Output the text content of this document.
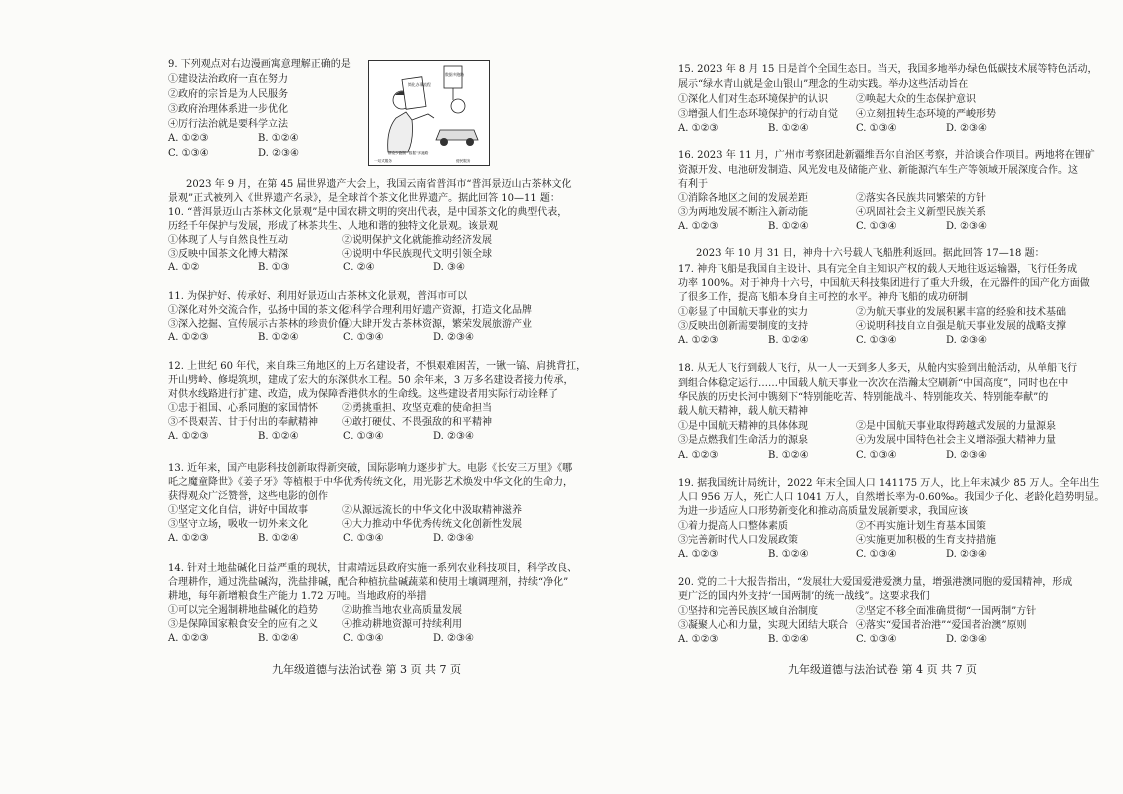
9. 下列观点对右边漫画寓意理解正确的是
①建设法治政府一直在努力
②政府的宗旨是为人民服务
③政府治理体系进一步优化
④厉行法治就是要科学立法
A. ①②③	B. ①②④
C. ①③④	D. ②③④
简化办事流程
数据多跑路
群众少跑腿 "数据"多跑路
一站式服务	便民服务
2023 年 9 月，在第 45 届世界遗产大会上，我国云南省普洱市“普洱景迈山古茶林文化
景观”正式被列入《世界遗产名录》，是全球首个茶文化世界遗产。据此回答 10—11 题：
10. “普洱景迈山古茶林文化景观”是中国农耕文明的突出代表，是中国茶文化的典型代表，
历经千年保护与发展，形成了林茶共生、人地和谐的独特文化景观。该景观
①体现了人与自然良性互动	②说明保护文化就能推动经济发展
③反映中国茶文化博大精深	④说明中华民族现代文明引领全球
A. ①②	B. ①③	C. ②④	D. ③④
11. 为保护好、传承好、利用好景迈山古茶林文化景观，普洱市可以
①深化对外交流合作，弘扬中国的茶文化
②科学合理利用好遗产资源，打造文化品牌
③深入挖掘、宣传展示古茶林的珍贵价值
④大肆开发古茶林资源，繁荣发展旅游产业
A. ①②③	B. ①②④	C. ①③④	D. ②③④
12. 上世纪 60 年代，来自珠三角地区的上万名建设者，不惧艰难困苦，一锹一镐、肩挑背扛，
开山劈岭、修堤筑坝，建成了宏大的东深供水工程。50 余年来，3 万多名建设者接力传承，
对供水线路进行扩建、改造，成为保障香港供水的生命线。这些建设者用实际行动诠释了
①忠于祖国、心系同胞的家国情怀 ②勇挑重担、攻坚克难的使命担当
③不畏艰苦、甘于付出的奉献精神 ④敢打硬仗、不畏强敌的和平精神
A. ①②③	B. ①②④	C. ①③④	D. ②③④
13. 近年来，国产电影科技创新取得新突破，国际影响力逐步扩大。电影《长安三万里》《哪
吒之魔童降世》《姜子牙》等植根于中华优秀传统文化，用光影艺术焕发中华文化的生命力，
获得观众广泛赞誉，这些电影的创作
①坚定文化自信，讲好中国故事	②从源远流长的中华文化中汲取精神滋养
③坚守立场，吸收一切外来文化	④大力推动中华优秀传统文化创新性发展
A. ①②③	B. ①②④	C. ①③④	D. ②③④
14. 针对土地盐碱化日益严重的现状，甘肃靖远县政府实施一系列农业科技项目，科学改良、
合理耕作，通过洗盐碱沟，洗盐排碱，配合种植抗盐碱蔬菜和使用土壤调理剂，持续“净化”
耕地，每年新增粮食生产能力 1.72 万吨。当地政府的举措
①可以完全遏制耕地盐碱化的趋势 ②助推当地农业高质量发展
③是保障国家粮食安全的应有之义 ④推动耕地资源可持续利用
A. ①②③	B. ①②④	C. ①③④	D. ②③④
九年级道德与法治试卷 第 3 页 共 7 页
15. 2023 年 8 月 15 日是首个全国生态日。当天，我国多地举办绿色低碳技术展等特色活动，
展示“绿水青山就是金山银山”理念的生动实践。举办这些活动旨在
①深化人们对生态环境保护的认识	②唤起大众的生态保护意识
③增强人们生态环境保护的行动自觉 ④立刻扭转生态环境的严峻形势
A. ①②③	B. ①②④	C. ①③④	D. ②③④
16. 2023 年 11 月，广州市考察团赴新疆维吾尔自治区考察，并洽谈合作项目。两地将在锂矿
资源开发、电池研发制造、风光发电及储能产业、新能源汽车生产等领域开展深度合作。这
有利于
①消除各地区之间的发展差距	②落实各民族共同繁荣的方针
③为两地发展不断注入新动能	④巩固社会主义新型民族关系
A. ①②③	B. ①②④	C. ①③④	D. ②③④
2023 年 10 月 31 日，神舟十六号载人飞船胜利返回。据此回答 17—18 题：
17. 神舟飞船是我国自主设计、具有完全自主知识产权的载人天地往返运输器，飞行任务成
功率 100%。对于神舟十六号，中国航天科技集团进行了重大升级，在元器件的国产化方面做
了很多工作，提高飞船本身自主可控的水平。神舟飞船的成功研制
①彰显了中国航天事业的实力	②为航天事业的发展积累丰富的经验和技术基础
③反映出创新需要制度的支持	④说明科技自立自强是航天事业发展的战略支撑
A. ①②③	B. ①②④	C. ①③④	D. ②③④
18. 从无人飞行到载人飞行，从一人一天到多人多天，从舱内实验到出舱活动，从单船飞行
到组合体稳定运行……中国载人航天事业一次次在浩瀚太空刷新“中国高度”，同时也在中
华民族的历史长河中镌刻下“特别能吃苦、特别能战斗、特别能攻关、特别能奉献”的
载人航天精神，载人航天精神
①是中国航天精神的具体体现	②是中国航天事业取得跨越式发展的力量源泉
③是点燃我们生命活力的源泉	④为发展中国特色社会主义增添强大精神力量
A. ①②③	B. ①②④	C. ①③④	D. ②③④
19. 据我国统计局统计，2022 年末全国人口 141175 万人，比上年末减少 85 万人。全年出生
人口 956 万人，死亡人口 1041 万人，自然增长率为-0.60‰。我国少子化、老龄化趋势明显。
为进一步适应人口形势新变化和推动高质量发展新要求，我国应该
①着力提高人口整体素质	②不再实施计划生育基本国策
③完善新时代人口发展政策	④实施更加积极的生育支持措施
A. ①②③	B. ①②④	C. ①③④	D. ②③④
20. 党的二十大报告指出，“发展壮大爱国爱港爱澳力量，增强港澳同胞的爱国精神，形成
更广泛的国内外支持‘一国两制’的统一战线”。这要求我们
①坚持和完善民族区域自治制度	②坚定不移全面准确贯彻“一国两制”方针
③凝聚人心和力量，实现大团结大联合 ④落实“爱国者治港”“爱国者治澳”原则
A. ①②③	B. ①②④	C. ①③④	D. ②③④
九年级道德与法治试卷 第 4 页 共 7 页
